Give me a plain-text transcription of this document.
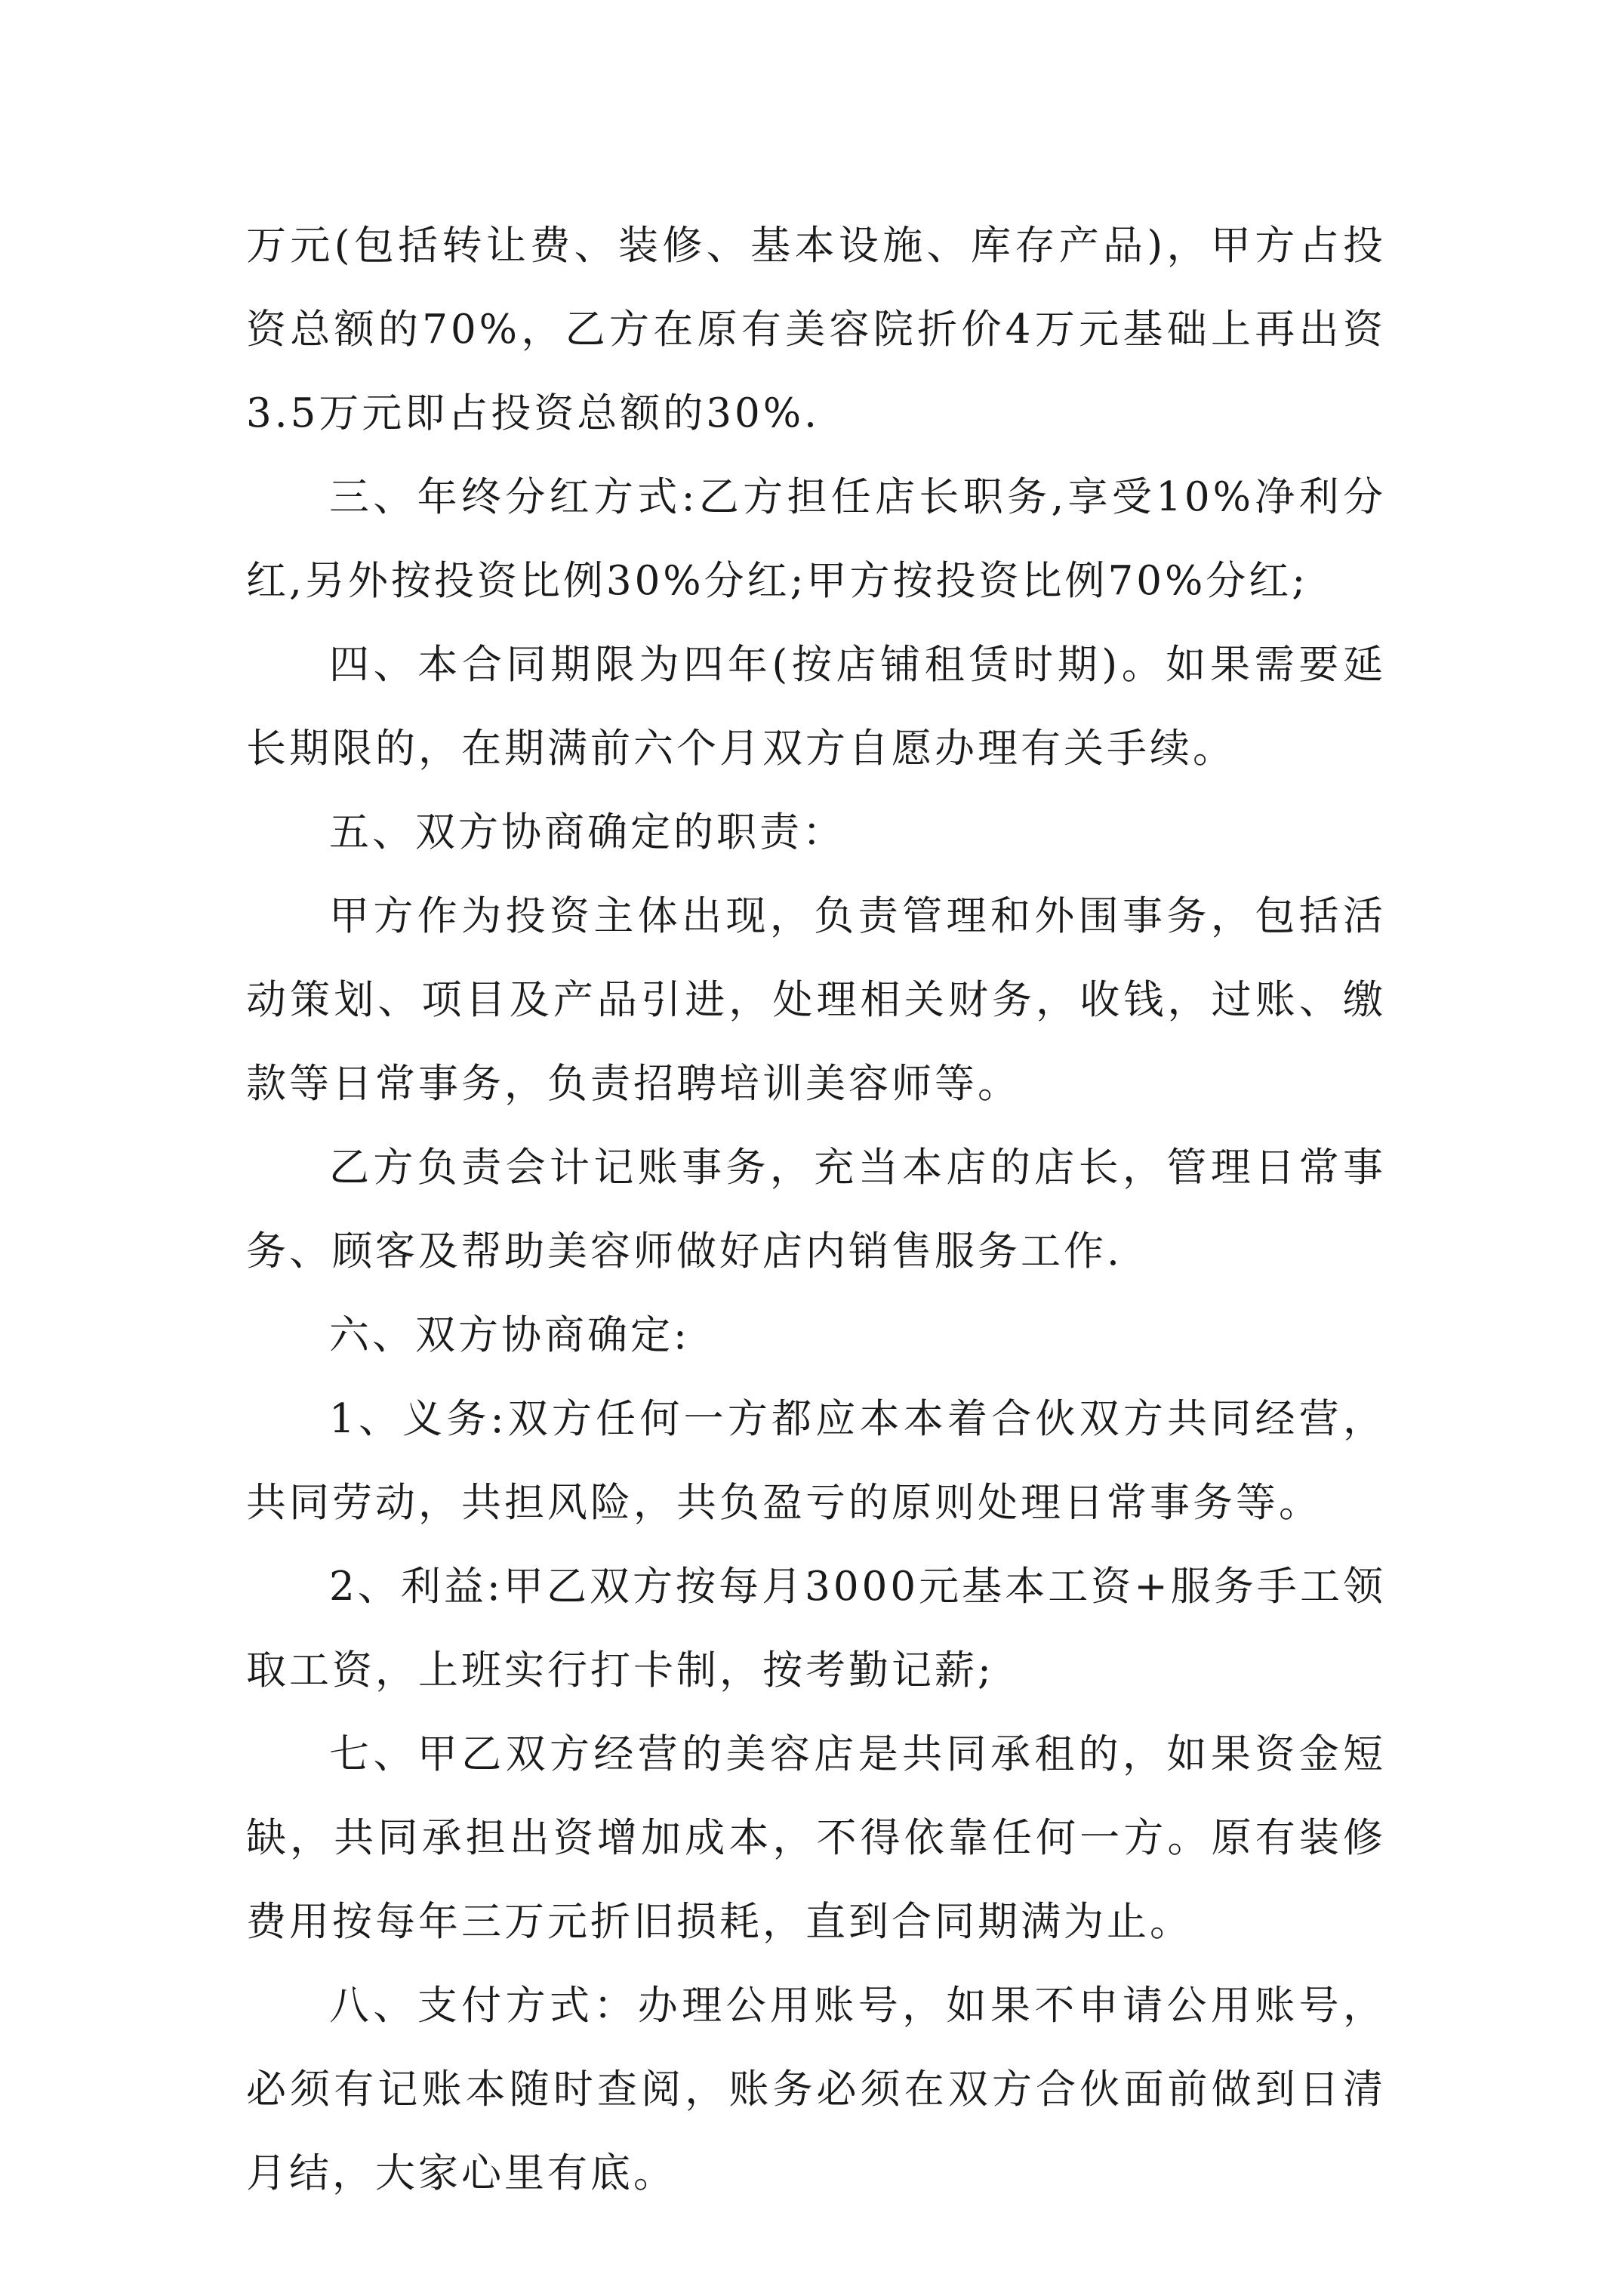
万元(包括转让费、装修、基本设施、库存产品)，甲方占投资总额的70%，乙方在原有美容院折价4万元基础上再出资3.5万元即占投资总额的30%.

三、年终分红方式:乙方担任店长职务,享受10%净利分红,另外按投资比例30%分红;甲方按投资比例70%分红;

四、本合同期限为四年(按店铺租赁时期)。如果需要延长期限的，在期满前六个月双方自愿办理有关手续。

五、双方协商确定的职责：

甲方作为投资主体出现，负责管理和外围事务，包括活动策划、项目及产品引进，处理相关财务，收钱，过账、缴款等日常事务，负责招聘培训美容师等。

乙方负责会计记账事务，充当本店的店长，管理日常事务、顾客及帮助美容师做好店内销售服务工作.

六、双方协商确定:

1、义务:双方任何一方都应本本着合伙双方共同经营，共同劳动，共担风险，共负盈亏的原则处理日常事务等。

2、利益:甲乙双方按每月3000元基本工资+服务手工领取工资，上班实行打卡制，按考勤记薪;

七、甲乙双方经营的美容店是共同承租的，如果资金短缺，共同承担出资增加成本，不得依靠任何一方。原有装修费用按每年三万元折旧损耗，直到合同期满为止。

八、支付方式：办理公用账号，如果不申请公用账号，必须有记账本随时查阅，账务必须在双方合伙面前做到日清月结，大家心里有底。
